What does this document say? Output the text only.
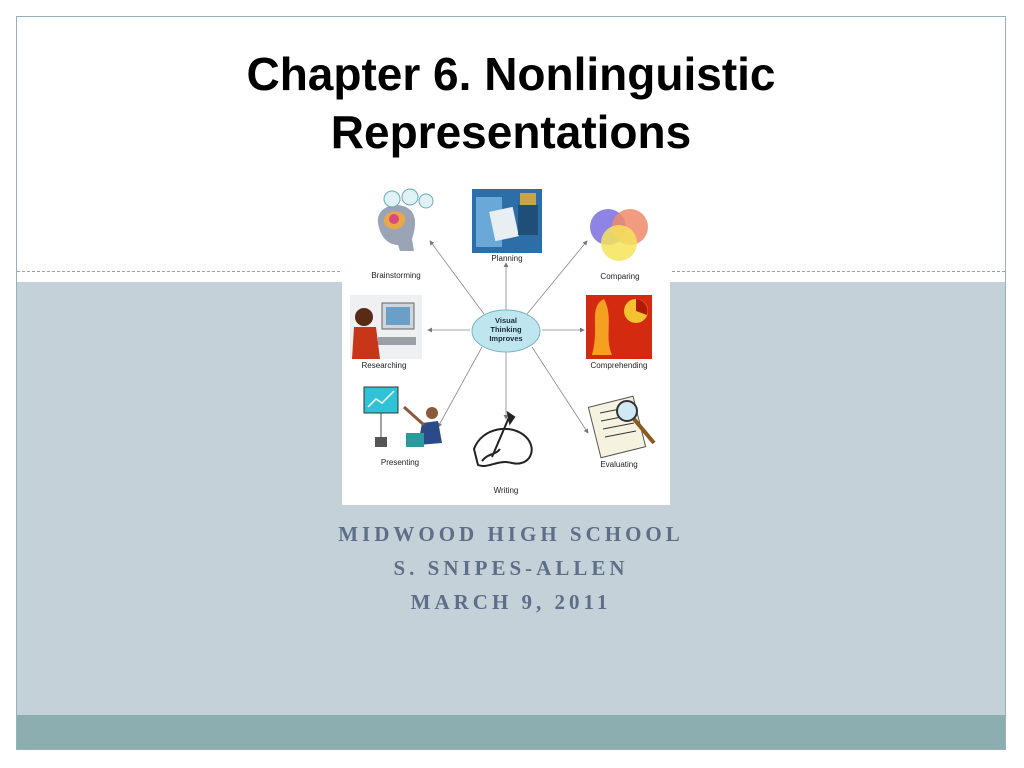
Chapter 6. Nonlinguistic
Representations
Visual
Thinking
Improves
Planning
Comparing
Comprehending
Evaluating
Writing
Presenting
Researching
Brainstorming
MIDWOOD HIGH SCHOOL
S. SNIPES-ALLEN
MARCH 9, 2011
